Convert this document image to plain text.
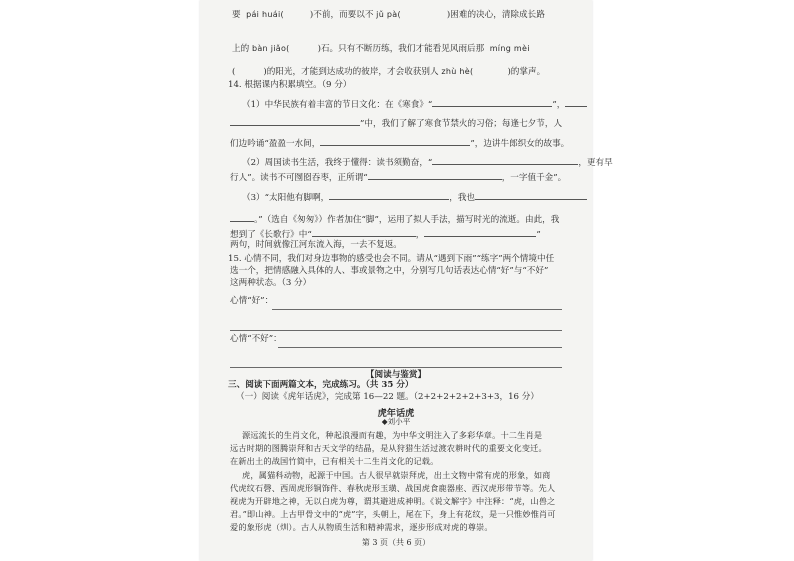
要 pái huái(	)不前，而要以不 jǔ pà(	)困难的决心，清除成长路
上的 bàn jiǎo(	)石。只有不断历练，我们才能看见风雨后那 míng mèi
(	)的阳光，才能到达成功的彼岸，才会收获别人 zhù hè(	)的掌声。
14. 根据课内积累填空。（9 分）
（1）中华民族有着丰富的节日文化：在《寒食》“	”，
”中，我们了解了寒食节禁火的习俗；每逢七夕节，人
们边吟诵“盈盈一水间，	”，边讲牛郎织女的故事。
（2）周国读书生活，我终于懂得：读书须勤奋，“	，更有早
行人”。读书不可囫囵吞枣，正所谓“	，一字值千金”。
（3）“太阳他有脚啊，	，我也
。”（选自《匆匆》）作者加住“脚”，运用了拟人手法，描写时光的流逝。由此，我
想到了《长歌行》中“	，	”
两句，时间就像江河东流入海，一去不复返。
15. 心情不同，我们对身边事物的感受也会不同。请从“遇到下雨”“练字”两个情境中任
选一个，把情感融入具体的人、事或景物之中，分别写几句话表达心情“好”与“不好”
这两种状态。（3 分）
心情“好”：
心情“不好”：
【阅读与鉴赏】
三、阅读下面两篇文本，完成练习。（共 35 分）
（一）阅读《虎年话虎》，完成第 16—22 题。（2+2+2+2+2+3+3，16 分）
虎年话虎
◆刘小平
源远流长的生肖文化，种起浪漫而有趣，为中华文明注入了多彩华章。十二生肖是
远古时期的图腾崇拜和古天文学的结晶，是从狩猎生活过渡农耕时代的重要文化变迁。
在新出土的战国竹简中，已有相关十二生肖文化的记载。
虎，属猫科动物，起源于中国。古人很早就崇拜虎，出土文物中常有虎的形象，如商
代虎纹石磬、西周虎形铜饰件、春秋虎形玉璜、战国虎食鹿器座、西汉虎形带节等。先人
视虎为开辟地之神，无以白虎为尊，谓其避进成神明。《说文解字》中注释：“虎，山兽之
君。”即山神。上古甲骨文中的“虎”字，头朝上，尾在下，身上有花纹，是一只惟妙惟肖可
爱的象形虎（𤆑）。古人从物质生活和精神需求，逐步形成对虎的尊崇。
第 3 页（共 6 页）
